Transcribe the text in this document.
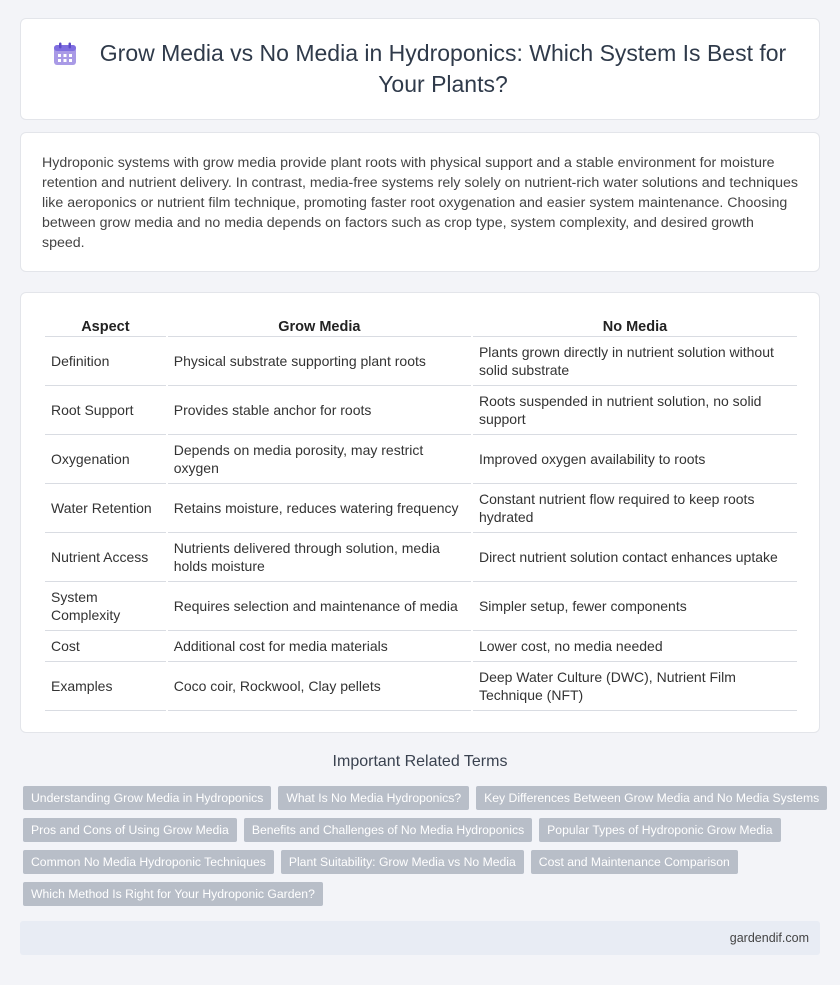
Grow Media vs No Media in Hydroponics: Which System Is Best for Your Plants?

Hydroponic systems with grow media provide plant roots with physical support and a stable environment for moisture retention and nutrient delivery. In contrast, media-free systems rely solely on nutrient-rich water solutions and techniques like aeroponics or nutrient film technique, promoting faster root oxygenation and easier system maintenance. Choosing between grow media and no media depends on factors such as crop type, system complexity, and desired growth speed.

Aspect	Grow Media	No Media
Definition	Physical substrate supporting plant roots	Plants grown directly in nutrient solution without solid substrate
Root Support	Provides stable anchor for roots	Roots suspended in nutrient solution, no solid support
Oxygenation	Depends on media porosity, may restrict oxygen	Improved oxygen availability to roots
Water Retention	Retains moisture, reduces watering frequency	Constant nutrient flow required to keep roots hydrated
Nutrient Access	Nutrients delivered through solution, media holds moisture	Direct nutrient solution contact enhances uptake
System Complexity	Requires selection and maintenance of media	Simpler setup, fewer components
Cost	Additional cost for media materials	Lower cost, no media needed
Examples	Coco coir, Rockwool, Clay pellets	Deep Water Culture (DWC), Nutrient Film Technique (NFT)
Important Related Terms
Understanding Grow Media in Hydroponics	What Is No Media Hydroponics?	Key Differences Between Grow Media and No Media Systems
Pros and Cons of Using Grow Media	Benefits and Challenges of No Media Hydroponics	Popular Types of Hydroponic Grow Media
Common No Media Hydroponic Techniques	Plant Suitability: Grow Media vs No Media	Cost and Maintenance Comparison
Which Method Is Right for Your Hydroponic Garden?
gardendif.com
